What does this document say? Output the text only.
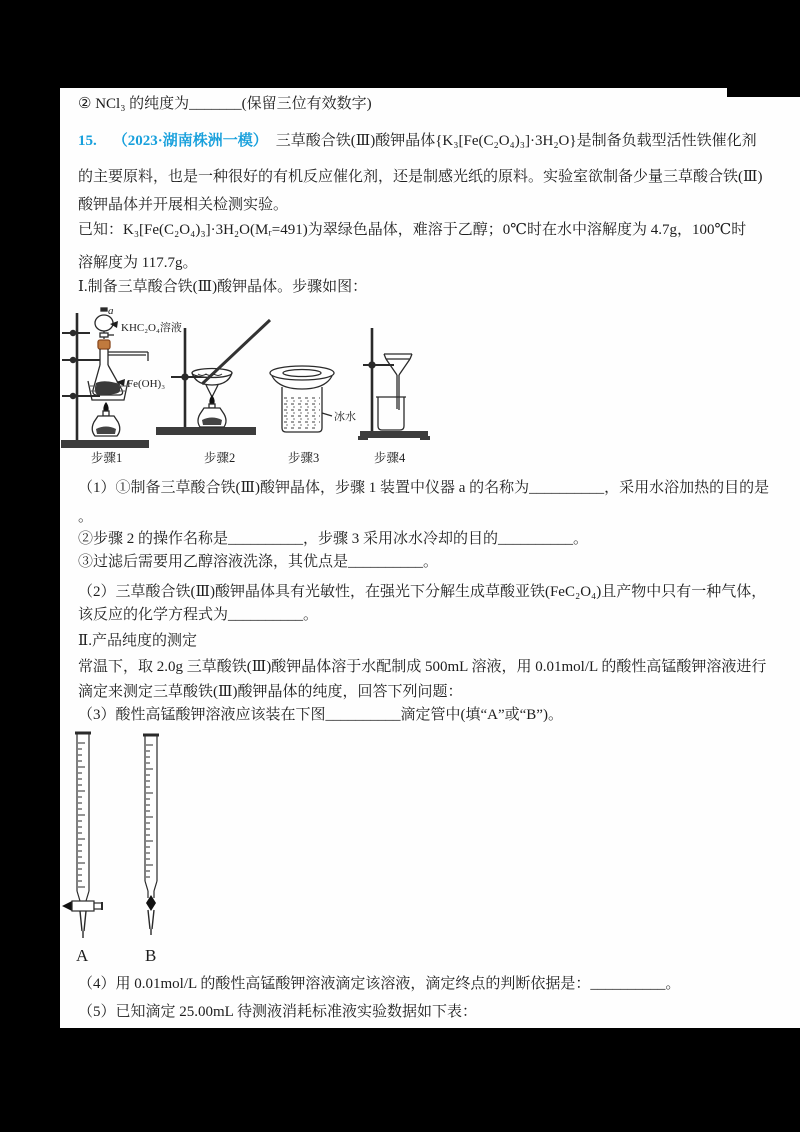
② NCl₃ 的纯度为_______(保留三位有效数字)
15. （2023·湖南株洲一模） 三草酸合铁(Ⅲ)酸钾晶体{K₃[Fe(C₂O₄)₃]·3H₂O}是制备负载型活性铁催化剂
的主要原料，也是一种很好的有机反应催化剂，还是制感光纸的原料。实验室欲制备少量三草酸合铁(Ⅲ)
酸钾晶体并开展相关检测实验。
已知：K₃[Fe(C₂O₄)₃]·3H₂O(Mᵣ=491)为翠绿色晶体，难溶于乙醇；0℃时在水中溶解度为 4.7g，100℃时
溶解度为 117.7g。
Ⅰ.制备三草酸合铁(Ⅲ)酸钾晶体。步骤如图：
a
KHC₂O₄溶液
Fe(OH)₃
冰水
步骤1	步骤2	步骤3	步骤4
（1）①制备三草酸合铁(Ⅲ)酸钾晶体，步骤 1 装置中仪器 a 的名称为__________，采用水浴加热的目的是
。
②步骤 2 的操作名称是__________，步骤 3 采用冰水冷却的目的__________。
③过滤后需要用乙醇溶液洗涤，其优点是__________。
（2）三草酸合铁(Ⅲ)酸钾晶体具有光敏性，在强光下分解生成草酸亚铁(FeC₂O₄)且产物中只有一种气体，
该反应的化学方程式为__________。
Ⅱ.产品纯度的测定
常温下，取 2.0g 三草酸铁(Ⅲ)酸钾晶体溶于水配制成 500mL 溶液，用 0.01mol/L 的酸性高锰酸钾溶液进行
滴定来测定三草酸铁(Ⅲ)酸钾晶体的纯度，回答下列问题：
（3）酸性高锰酸钾溶液应该装在下图__________滴定管中(填“A”或“B”)。
A	B
（4）用 0.01mol/L 的酸性高锰酸钾溶液滴定该溶液，滴定终点的判断依据是：__________。
（5）已知滴定 25.00mL 待测液消耗标准液实验数据如下表：
